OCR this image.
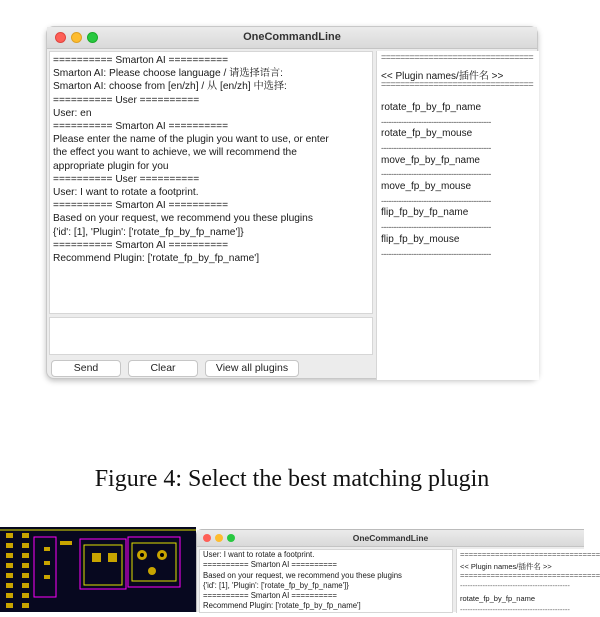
OneCommandLine
========== Smarton AI ==========
Smarton AI: Please choose language / 请选择语言:
Smarton AI: choose from [en/zh] / 从 [en/zh] 中选择:
========== User ==========
User: en
========== Smarton AI ==========
Please enter the name of the plugin you want to use, or enter
the effect you want to achieve, we will recommend the
appropriate plugin for you
========== User ==========
User: I want to rotate a footprint.
========== Smarton AI ==========
Based on your request, we recommend you these plugins
{'id': [1], 'Plugin': ['rotate_fp_by_fp_name']}
========== Smarton AI ==========
Recommend Plugin: ['rotate_fp_by_fp_name']
Send	Clear	View all plugins
================================
<< Plugin names/插件名 >>
================================
rotate_fp_by_fp_name
--------------------------------------------
rotate_fp_by_mouse
--------------------------------------------
move_fp_by_fp_name
--------------------------------------------
move_fp_by_mouse
--------------------------------------------
flip_fp_by_fp_name
--------------------------------------------
flip_fp_by_mouse
--------------------------------------------
Figure 4: Select the best matching plugin
OneCommandLine
User: I want to rotate a footprint.
========== Smarton AI ==========
Based on your request, we recommend you these plugins
{'id': [1], 'Plugin': ['rotate_fp_by_fp_name']}
========== Smarton AI ==========
Recommend Plugin: ['rotate_fp_by_fp_name']
================================
<< Plugin names/插件名 >>
================================
--------------------------------------------
rotate_fp_by_fp_name
--------------------------------------------
